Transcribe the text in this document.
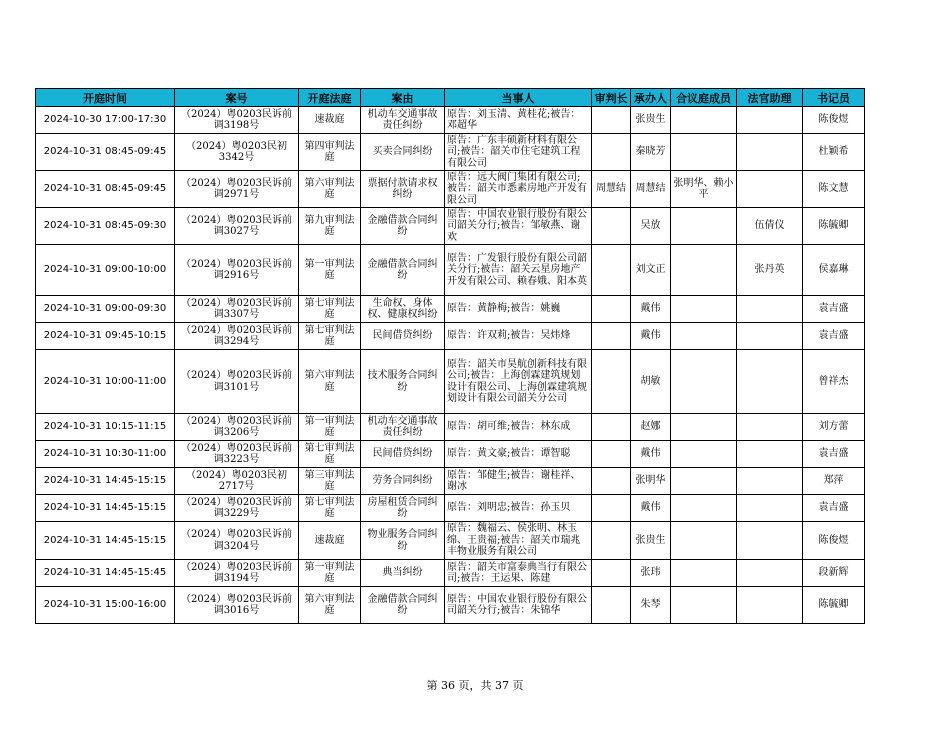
开庭时间	案号	开庭法庭	案由	当事人	审判长	承办人	合议庭成员	法官助理	书记员
2024-10-30 17:00-17:30	（2024）粤0203民诉前调3198号	速裁庭	机动车交通事故责任纠纷	原告：刘玉清、黄桂花;被告：邓超华		张贵生			陈俊煜
2024-10-31 08:45-09:45	（2024）粤0203民初3342号	第四审判法庭	买卖合同纠纷	原告：广东丰硕新材料有限公司;被告：韶关市住宅建筑工程有限公司		秦晓芳			杜颖希
2024-10-31 08:45-09:45	（2024）粤0203民诉前调2971号	第六审判法庭	票据付款请求权纠纷	原告：远大阀门集团有限公司;被告：韶关市悉素房地产开发有限公司	周慧结	周慧结	张明华、赖小平		陈文慧
2024-10-31 08:45-09:30	（2024）粤0203民诉前调3027号	第九审判法庭	金融借款合同纠纷	原告：中国农业银行股份有限公司韶关分行;被告：邹敏燕、谢欢		吴放		伍倩仪	陈毓卿
2024-10-31 09:00-10:00	（2024）粤0203民诉前调2916号	第一审判法庭	金融借款合同纠纷	原告：广发银行股份有限公司韶关分行;被告：韶关云星房地产开发有限公司、赖春娥、阳本英		刘文正		张丹英	侯嘉琳
2024-10-31 09:00-09:30	（2024）粤0203民诉前调3307号	第七审判法庭	生命权、身体权、健康权纠纷	原告：黄静梅;被告：姚巍		戴伟			袁吉盛
2024-10-31 09:45-10:15	（2024）粤0203民诉前调3294号	第七审判法庭	民间借贷纠纷	原告：许双莉;被告：吴炜烽		戴伟			袁吉盛
2024-10-31 10:00-11:00	（2024）粤0203民诉前调3101号	第六审判法庭	技术服务合同纠纷	原告：韶关市昊航创新科技有限公司;被告：上海创霖建筑规划设计有限公司、上海创霖建筑规划设计有限公司韶关分公司		胡敏			曾祥杰
2024-10-31 10:15-11:15	（2024）粤0203民诉前调3206号	第一审判法庭	机动车交通事故责任纠纷	原告：胡可维;被告：林东成		赵娜			刘方蕾
2024-10-31 10:30-11:00	（2024）粤0203民诉前调3223号	第七审判法庭	民间借贷纠纷	原告：黄文豪;被告：谭智聪		戴伟			袁吉盛
2024-10-31 14:45-15:15	（2024）粤0203民初2717号	第三审判法庭	劳务合同纠纷	原告：邹健生;被告：谢桂祥、谢冰		张明华			郑萍
2024-10-31 14:45-15:15	（2024）粤0203民诉前调3229号	第七审判法庭	房屋租赁合同纠纷	原告：刘明忠;被告：孙玉贝		戴伟			袁吉盛
2024-10-31 14:45-15:15	（2024）粤0203民诉前调3204号	速裁庭	物业服务合同纠纷	原告：魏福云、侯张明、林玉绵、王贵福;被告：韶关市瑞兆丰物业服务有限公司		张贵生			陈俊煜
2024-10-31 14:45-15:45	（2024）粤0203民诉前调3194号	第一审判法庭	典当纠纷	原告：韶关市富泰典当行有限公司;被告：王运果、陈建		张玮			段新辉
2024-10-31 15:00-16:00	（2024）粤0203民诉前调3016号	第六审判法庭	金融借款合同纠纷	原告：中国农业银行股份有限公司韶关分行;被告：朱锦华		朱琴			陈毓卿
第 36 页，共 37 页
